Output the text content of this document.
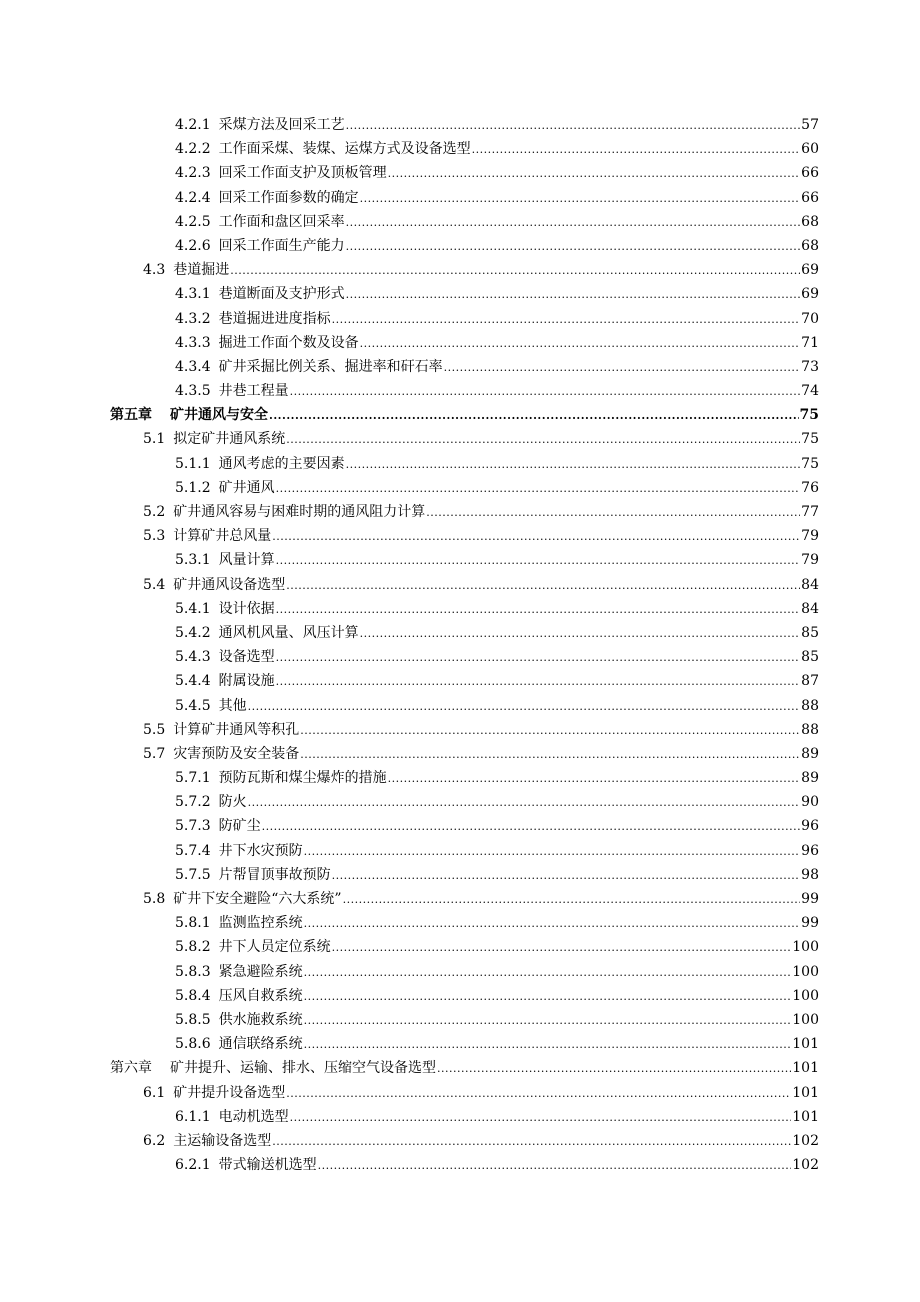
4.2.1 采煤方法及回采工艺 .....	57
4.2.2 工作面采煤、装煤、运煤方式及设备选型 .....	60
4.2.3 回采工作面支护及顶板管理 .....	66
4.2.4 回采工作面参数的确定 .....	66
4.2.5 工作面和盘区回采率 .....	68
4.2.6 回采工作面生产能力 .....	68
4.3 巷道掘进 .....	69
4.3.1 巷道断面及支护形式 .....	69
4.3.2 巷道掘进进度指标 .....	70
4.3.3 掘进工作面个数及设备 .....	71
4.3.4 矿井采掘比例关系、掘进率和矸石率 .....	73
4.3.5 井巷工程量 .....	74
第五章 矿井通风与安全 .....	75
5.1 拟定矿井通风系统 .....	75
5.1.1 通风考虑的主要因素 .....	75
5.1.2 矿井通风 .....	76
5.2 矿井通风容易与困难时期的通风阻力计算 .....	77
5.3 计算矿井总风量 .....	79
5.3.1 风量计算 .....	79
5.4 矿井通风设备选型 .....	84
5.4.1 设计依据 .....	84
5.4.2 通风机风量、风压计算 .....	85
5.4.3 设备选型 .....	85
5.4.4 附属设施 .....	87
5.4.5 其他 .....	88
5.5 计算矿井通风等积孔 .....	88
5.7 灾害预防及安全装备 .....	89
5.7.1 预防瓦斯和煤尘爆炸的措施 .....	89
5.7.2 防火 .....	90
5.7.3 防矿尘 .....	96
5.7.4 井下水灾预防 .....	96
5.7.5 片帮冒顶事故预防 .....	98
5.8 矿井下安全避险“六大系统” .....	99
5.8.1 监测监控系统 .....	99
5.8.2 井下人员定位系统 .....	100
5.8.3 紧急避险系统 .....	100
5.8.4 压风自救系统 .....	100
5.8.5 供水施救系统 .....	100
5.8.6 通信联络系统 .....	101
第六章 矿井提升、运输、排水、压缩空气设备选型 .....	101
6.1 矿井提升设备选型 .....	101
6.1.1 电动机选型 .....	101
6.2 主运输设备选型 .....	102
6.2.1 带式输送机选型 .....	102
